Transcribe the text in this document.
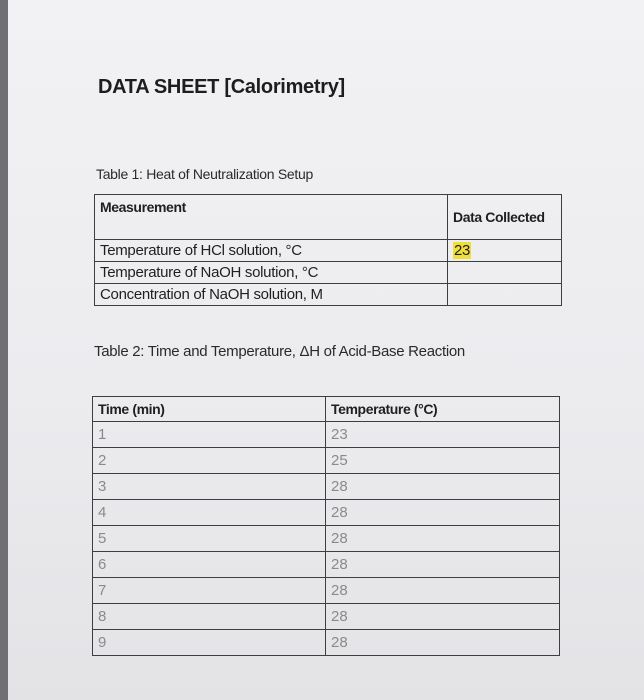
DATA SHEET [Calorimetry]
Table 1: Heat of Neutralization Setup
Measurement	Data Collected
Temperature of HCl solution, °C	23
Temperature of NaOH solution, °C	
Concentration of NaOH solution, M	
Table 2: Time and Temperature, ΔH of Acid-Base Reaction
Time (min)	Temperature (°C)
1	23
2	25
3	28
4	28
5	28
6	28
7	28
8	28
9	28
